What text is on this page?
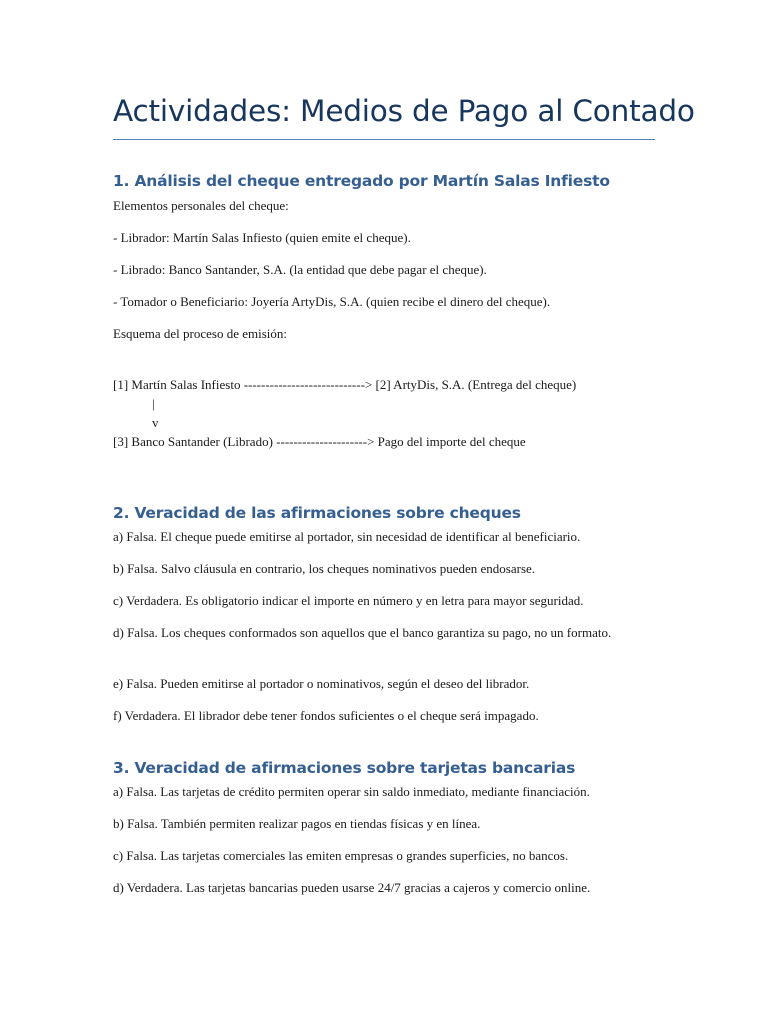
Actividades: Medios de Pago al Contado
1. Análisis del cheque entregado por Martín Salas Infiesto
Elementos personales del cheque:
- Librador: Martín Salas Infiesto (quien emite el cheque).
- Librado: Banco Santander, S.A. (la entidad que debe pagar el cheque).
- Tomador o Beneficiario: Joyería ArtyDis, S.A. (quien recibe el dinero del cheque).
Esquema del proceso de emisión:
[1] Martín Salas Infiesto ----------------------------> [2] ArtyDis, S.A. (Entrega del cheque)
|
v
[3] Banco Santander (Librado) ---------------------> Pago del importe del cheque
2. Veracidad de las afirmaciones sobre cheques
a) Falsa. El cheque puede emitirse al portador, sin necesidad de identificar al beneficiario.
b) Falsa. Salvo cláusula en contrario, los cheques nominativos pueden endosarse.
c) Verdadera. Es obligatorio indicar el importe en número y en letra para mayor seguridad.
d) Falsa. Los cheques conformados son aquellos que el banco garantiza su pago, no un formato.
e) Falsa. Pueden emitirse al portador o nominativos, según el deseo del librador.
f) Verdadera. El librador debe tener fondos suficientes o el cheque será impagado.
3. Veracidad de afirmaciones sobre tarjetas bancarias
a) Falsa. Las tarjetas de crédito permiten operar sin saldo inmediato, mediante financiación.
b) Falsa. También permiten realizar pagos en tiendas físicas y en línea.
c) Falsa. Las tarjetas comerciales las emiten empresas o grandes superficies, no bancos.
d) Verdadera. Las tarjetas bancarias pueden usarse 24/7 gracias a cajeros y comercio online.
